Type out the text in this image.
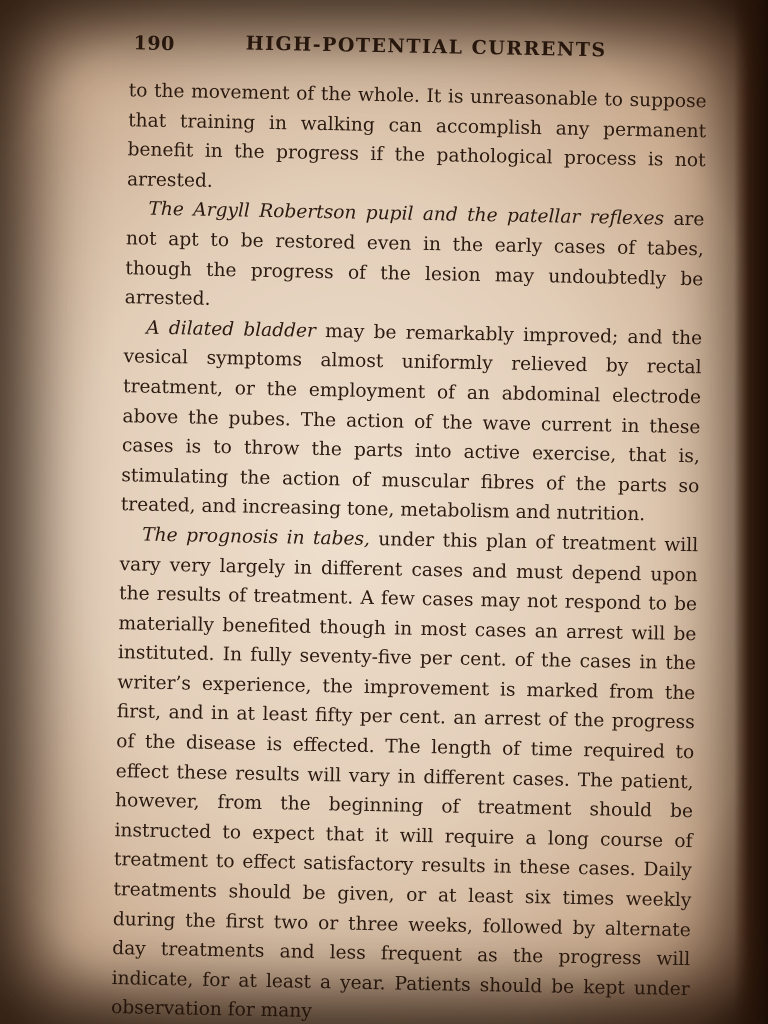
190	HIGH-POTENTIAL CURRENTS

to the movement of the whole. It is unreasonable to suppose that training in walking can accomplish any permanent benefit in the progress if the pathological process is not arrested.

The Argyll Robertson pupil and the patellar reflexes are not apt to be restored even in the early cases of tabes, though the progress of the lesion may undoubtedly be arrested.

A dilated bladder may be remarkably improved; and the vesical symptoms almost uniformly relieved by rectal treatment, or the employment of an abdominal electrode above the pubes. The action of the wave current in these cases is to throw the parts into active exercise, that is, stimulating the action of muscular fibres of the parts so treated, and increasing tone, metabolism and nutrition.

The prognosis in tabes, under this plan of treatment will vary very largely in different cases and must depend upon the results of treatment. A few cases may not respond to be materially benefited though in most cases an arrest will be instituted. In fully seventy-five per cent. of the cases in the writer’s experience, the improvement is marked from the first, and in at least fifty per cent. an arrest of the progress of the disease is effected. The length of time required to effect these results will vary in different cases. The patient, however, from the beginning of treatment should be instructed to expect that it will require a long course of treatment to effect satisfactory results in these cases. Daily treatments should be given, or at least six times weekly during the first two or three weeks, followed by alternate day treatments and less frequent as the progress will indicate, for at least a year. Patients should be kept under observation for many
